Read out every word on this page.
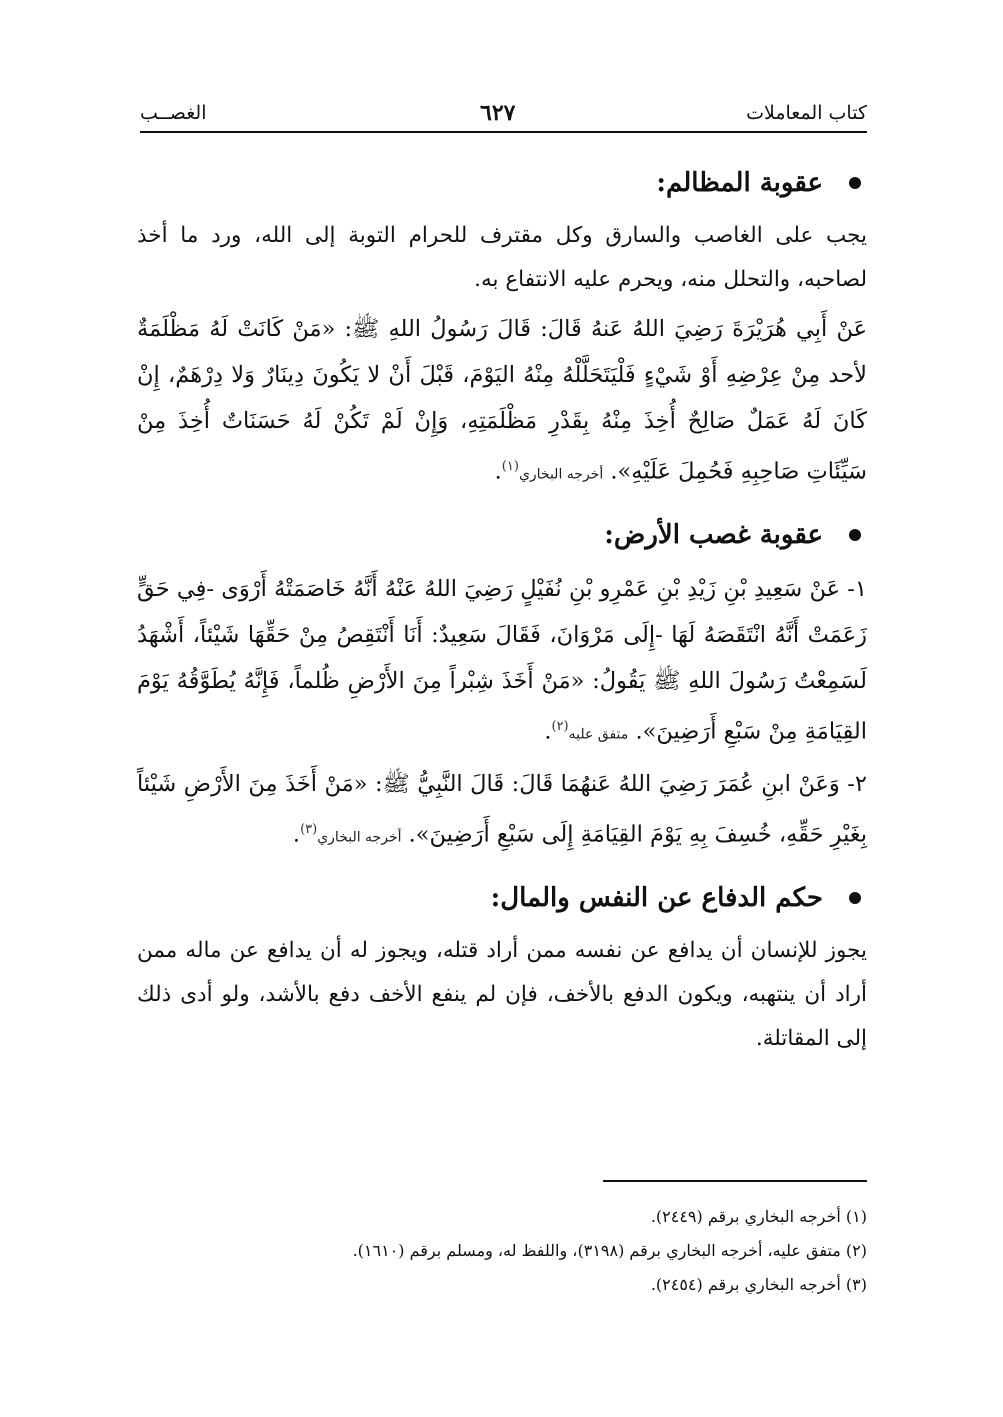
كتاب المعاملات
٦٢٧
الغصــب
عقوبة المظالم:

يجب على الغاصب والسارق وكل مقترف للحرام التوبة إلى الله، ورد ما أخذ لصاحبه، والتحلل منه، ويحرم عليه الانتفاع به.

عَنْ أَبِي هُرَيْرَةَ رَضِيَ اللهُ عَنهُ قَالَ: قَالَ رَسُولُ اللهِ ﷺ: «مَنْ كَانَتْ لَهُ مَظْلَمَةٌ لأحد مِنْ عِرْضِهِ أَوْ شَيْءٍ فَلْيَتَحَلَّلْهُ مِنْهُ اليَوْمَ، قَبْلَ أَنْ لا يَكُونَ دِينَارٌ وَلا دِرْهَمٌ، إِنْ كَانَ لَهُ عَمَلٌ صَالِحٌ أُخِذَ مِنْهُ بِقَدْرِ مَظْلَمَتِهِ، وَإِنْ لَمْ تَكُنْ لَهُ حَسَنَاتٌ أُخِذَ مِنْ سَيِّئَاتِ صَاحِبِهِ فَحُمِلَ عَلَيْهِ». أخرجه البخاري$^{(١)}$.

عقوبة غصب الأرض:

١- عَنْ سَعِيدِ بْنِ زَيْدِ بْنِ عَمْرِو بْنِ نُفَيْلٍ رَضِيَ اللهُ عَنْهُ أَنَّهُ خَاصَمَتْهُ أَرْوَى -فِي حَقٍّ زَعَمَتْ أَنَّهُ انْتَقَصَهُ لَهَا -إِلَى مَرْوَانَ، فَقَالَ سَعِيدٌ: أَنَا أَنْتَقِصُ مِنْ حَقِّهَا شَيْئاً، أَشْهَدُ لَسَمِعْتُ رَسُولَ اللهِ ﷺ يَقُولُ: «مَنْ أَخَذَ شِبْراً مِنَ الأَرْضِ ظُلماً، فَإِنَّهُ يُطَوَّقُهُ يَوْمَ القِيَامَةِ مِنْ سَبْعِ أَرَضِينَ». متفق عليه$^{(٢)}$.

٢- وَعَنْ ابنِ عُمَرَ رَضِيَ اللهُ عَنهُمَا قَالَ: قَالَ النَّبِيُّ ﷺ: «مَنْ أَخَذَ مِنَ الأَرْضِ شَيْئاً بِغَيْرِ حَقِّهِ، خُسِفَ بِهِ يَوْمَ القِيَامَةِ إِلَى سَبْعِ أَرَضِينَ». أخرجه البخاري$^{(٣)}$.

حكم الدفاع عن النفس والمال:

يجوز للإنسان أن يدافع عن نفسه ممن أراد قتله، ويجوز له أن يدافع عن ماله ممن أراد أن ينتهبه، ويكون الدفع بالأخف، فإن لم ينفع الأخف دفع بالأشد، ولو أدى ذلك إلى المقاتلة.

(١) أخرجه البخاري برقم (٢٤٤٩).
(٢) متفق عليه، أخرجه البخاري برقم (٣١٩٨)، واللفظ له، ومسلم برقم (١٦١٠).
(٣) أخرجه البخاري برقم (٢٤٥٤).
